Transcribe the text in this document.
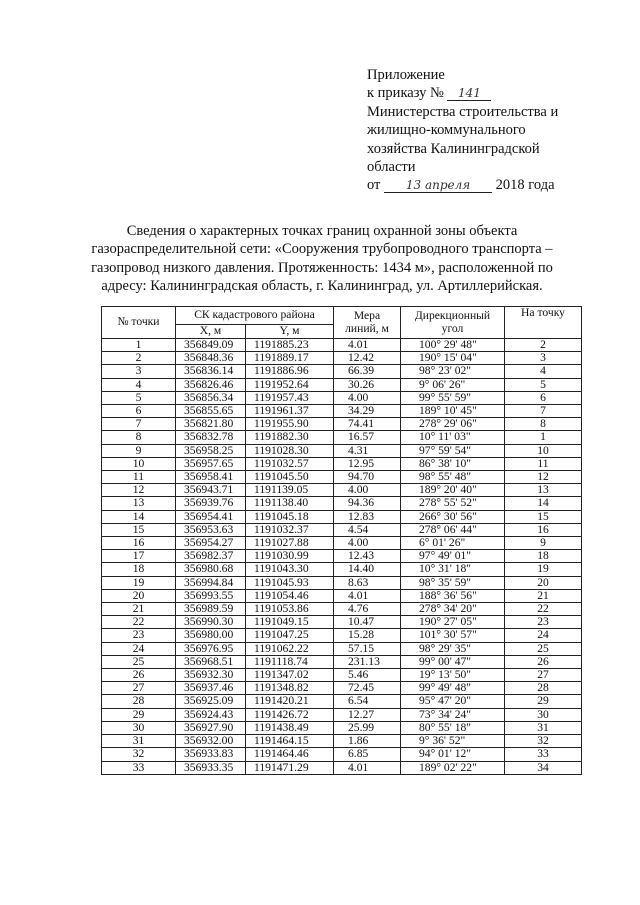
Приложение
к приказу № 141
Министерства строительства и
жилищно-коммунального
хозяйства Калининградской
области
от 13 апреля 2018 года
Сведения о характерных точках границ охранной зоны объекта
газораспределительной сети: «Сооружения трубопроводного транспорта –
газопровод низкого давления. Протяженность: 1434 м», расположенной по
адресу: Калининградская область, г. Калининград, ул. Артиллерийская.
№ точки	СК кадастрового района		Мера линий, м	Дирекционный угол	На точку
	X, м	Y, м			
1	356849.09	1191885.23	4.01	100° 29' 48"	2
2	356848.36	1191889.17	12.42	190° 15' 04"	3
3	356836.14	1191886.96	66.39	98° 23' 02"	4
4	356826.46	1191952.64	30.26	9° 06' 26"	5
5	356856.34	1191957.43	4.00	99° 55' 59"	6
6	356855.65	1191961.37	34.29	189° 10' 45"	7
7	356821.80	1191955.90	74.41	278° 29' 06"	8
8	356832.78	1191882.30	16.57	10° 11' 03"	1
9	356958.25	1191028.30	4.31	97° 59' 54"	10
10	356957.65	1191032.57	12.95	86° 38' 10"	11
11	356958.41	1191045.50	94.70	98° 55' 48"	12
12	356943.71	1191139.05	4.00	189° 20' 40"	13
13	356939.76	1191138.40	94.36	278° 55' 52"	14
14	356954.41	1191045.18	12.83	266° 30' 56"	15
15	356953.63	1191032.37	4.54	278° 06' 44"	16
16	356954.27	1191027.88	4.00	6° 01' 26"	9
17	356982.37	1191030.99	12.43	97° 49' 01"	18
18	356980.68	1191043.30	14.40	10° 31' 18"	19
19	356994.84	1191045.93	8.63	98° 35' 59"	20
20	356993.55	1191054.46	4.01	188° 36' 56"	21
21	356989.59	1191053.86	4.76	278° 34' 20"	22
22	356990.30	1191049.15	10.47	190° 27' 05"	23
23	356980.00	1191047.25	15.28	101° 30' 57"	24
24	356976.95	1191062.22	57.15	98° 29' 35"	25
25	356968.51	1191118.74	231.13	99° 00' 47"	26
26	356932.30	1191347.02	5.46	19° 13' 50"	27
27	356937.46	1191348.82	72.45	99° 49' 48"	28
28	356925.09	1191420.21	6.54	95° 47' 20"	29
29	356924.43	1191426.72	12.27	73° 34' 24"	30
30	356927.90	1191438.49	25.99	80° 55' 18"	31
31	356932.00	1191464.15	1.86	9° 36' 52"	32
32	356933.83	1191464.46	6.85	94° 01' 12"	33
33	356933.35	1191471.29	4.01	189° 02' 22"	34
